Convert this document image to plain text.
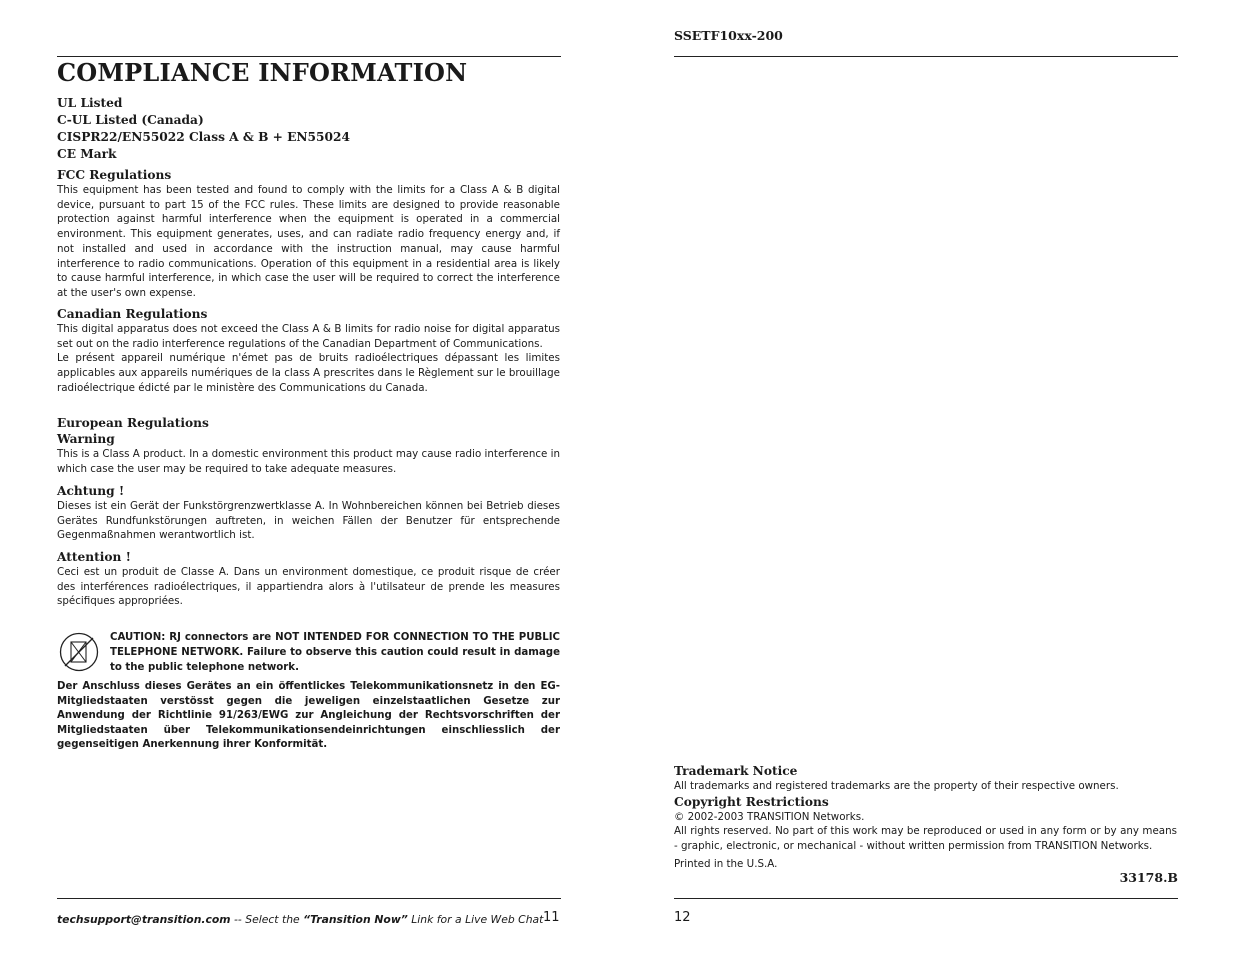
COMPLIANCE INFORMATION
UL Listed
C-UL Listed (Canada)
CISPR22/EN55022 Class A & B + EN55024
CE Mark
FCC Regulations
This equipment has been tested and found to comply with the limits for a Class A & B digital device, pursuant to part 15 of the FCC rules. These limits are designed to provide reasonable protection against harmful interference when the equipment is operated in a commercial environment. This equipment generates, uses, and can radiate radio frequency energy and, if not installed and used in accordance with the instruction manual, may cause harmful interference to radio communications. Operation of this equipment in a residential area is likely to cause harmful interference, in which case the user will be required to correct the interference at the user's own expense.
Canadian Regulations
This digital apparatus does not exceed the Class A & B limits for radio noise for digital apparatus set out on the radio interference regulations of the Canadian Department of Communications.
Le présent appareil numérique n'émet pas de bruits radioélectriques dépassant les limites applicables aux appareils numériques de la class A prescrites dans le Règlement sur le brouillage radioélectrique édicté par le ministère des Communications du Canada.
European Regulations
Warning
This is a Class A product. In a domestic environment this product may cause radio interference in which case the user may be required to take adequate measures.
Achtung !
Dieses ist ein Gerät der Funkstörgrenzwertklasse A. In Wohnbereichen können bei Betrieb dieses Gerätes Rundfunkstörungen auftreten, in weichen Fällen der Benutzer für entsprechende Gegenmaßnahmen werantwortlich ist.
Attention !
Ceci est un produit de Classe A. Dans un environment domestique, ce produit risque de créer des interférences radioélectriques, il appartiendra alors à l'utilsateur de prende les measures spécifiques appropriées.
CAUTION: RJ connectors are NOT INTENDED FOR CONNECTION TO THE PUBLIC TELEPHONE NETWORK. Failure to observe this caution could result in damage to the public telephone network.
Der Anschluss dieses Gerätes an ein öffentlickes Telekommunikationsnetz in den EG-Mitgliedstaaten verstösst gegen die jeweligen einzelstaatlichen Gesetze zur Anwendung der Richtlinie 91/263/EWG zur Angleichung der Rechtsvorschriften der Mitgliedstaaten über Telekommunikationsendeinrichtungen einschliesslich der gegenseitigen Anerkennung ihrer Konformität.
techsupport@transition.com -- Select the “Transition Now” Link for a Live Web Chat 11
SSETF10xx-200
Trademark Notice
All trademarks and registered trademarks are the property of their respective owners.
Copyright Restrictions
© 2002-2003 TRANSITION Networks.
All rights reserved. No part of this work may be reproduced or used in any form or by any means - graphic, electronic, or mechanical - without written permission from TRANSITION Networks.
Printed in the U.S.A.
33178.B
12
